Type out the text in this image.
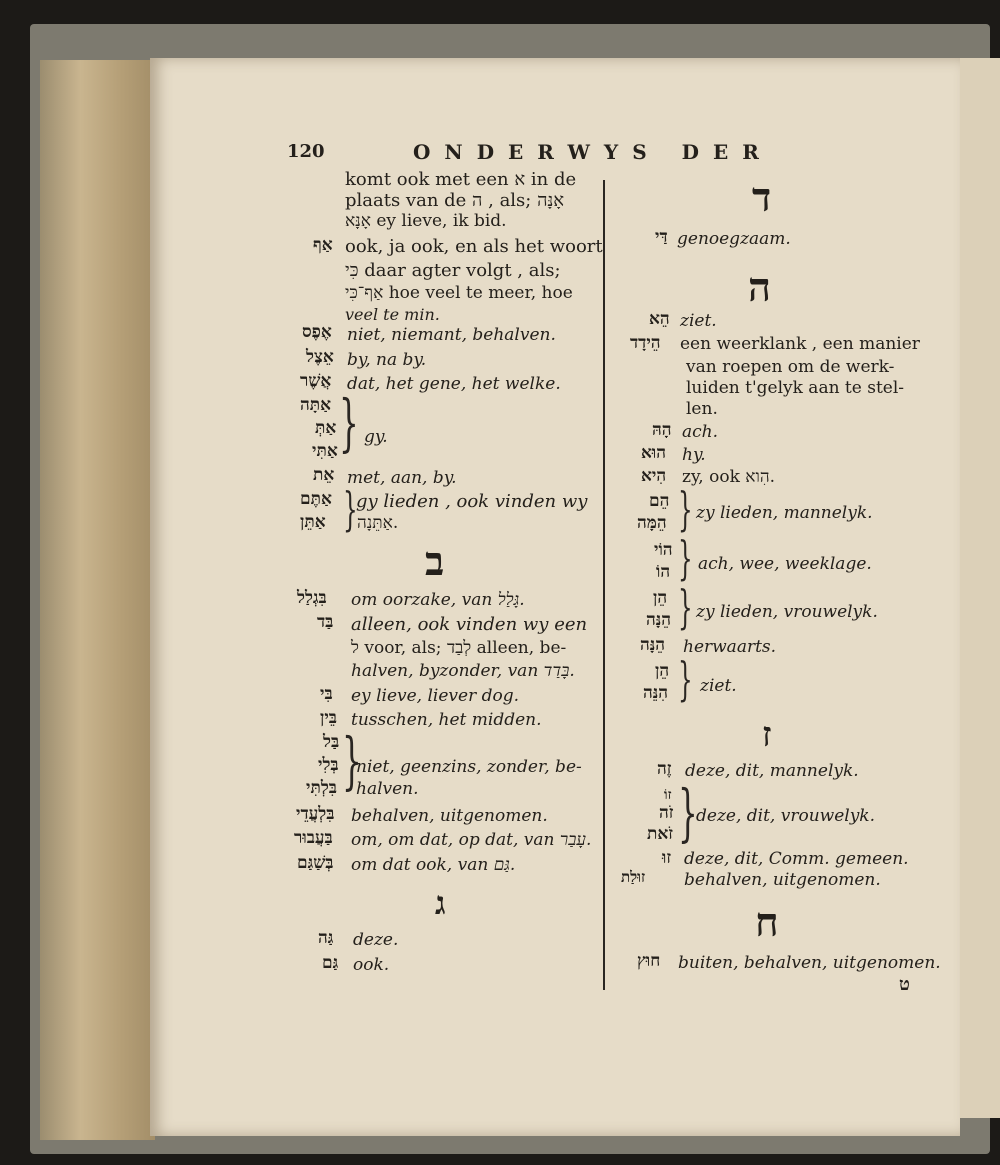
120	ONDERWYS DER
komt ook met een א in de
plaats van de ה , als; אָנָּה
אָנָּא ey lieve, ik bid.
אַף ook, ja ook, en als het woort
כִּי daar agter volgt , als;
אַף־כִּי hoe veel te meer, hoe
veel te min.
אֶפֶס niet, niemant, behalven.
אֵצֶל by, na by.
אֲשֶׁר dat, het gene, het welke.
אַתָּה
אַתְּ
אַתִּי } gy.
אֵת met, aan, by.
אַתֶּם gy lieden , ook vinden wy
אַתֵּן אַתֵּנָה.
}
ב
בִּגְלַל om oorzake, van גָּלַל.
בַּד alleen, ook vinden wy een
ל voor, als; לְבַד alleen, be-
halven, byzonder, van בָּדַד.
בִּי ey lieve, liever dog.
בֵּין tusschen, het midden.
בַּל
בְּלִי
בִּלְתִּי }
niet, geenzins, zonder, be-
halven.
בִּלְעֲדֵי behalven, uitgenomen.
בַּעֲבוּר om, om dat, op dat, van עָבַר.
בְּשַׁגַּם om dat ook, van גַּם.
ג
גַּה deze.
גַּם ook.
ד
דַּי genoegzaam.
ה
הֵא ziet.
הֵידָד een weerklank , een manier
van roepen om de werk-
luiden t'gelyk aan te stel-
len.
הָהּ ach.
הוּא hy.
הִיא zy, ook הִוא.
הֵם
הֵמָּה } zy lieden, mannelyk.
הוֹי
הוֹ } ach, wee, weeklage.
הֵן
הֵנָּה } zy lieden, vrouwelyk.
הֵנָּה herwaarts.
הֵן
הִנֵּה } ziet.
ז
זֶה deze, dit, mannelyk.
זוֹ
זֹה
זֹאת }
deze, dit, vrouwelyk.
זוּ deze, dit, Comm. gemeen.
זוּלַת behalven, uitgenomen.
ח
חוּץ buiten, behalven, uitgenomen.
ט
